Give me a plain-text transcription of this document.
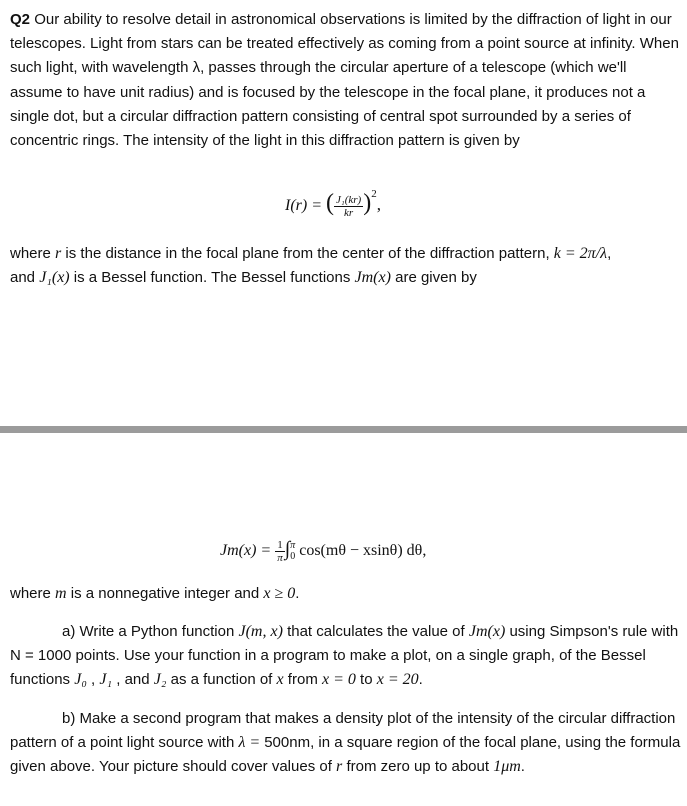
Q2 Our ability to resolve detail in astronomical observations is limited by the diffraction of light in our telescopes. Light from stars can be treated effectively as coming from a point source at infinity. When such light, with wavelength λ, passes through the circular aperture of a telescope (which we'll assume to have unit radius) and is focused by the telescope in the focal plane, it produces not a single dot, but a circular diffraction pattern consisting of central spot surrounded by a series of concentric rings. The intensity of the light in this diffraction pattern is given by

I(r) = ( $\frac{\text{J₁(kr)}}{kr} )^2$,

where r is the distance in the focal plane from the center of the diffraction pattern, k = 2π/λ,
and J₁(x) is a Bessel function. The Bessel functions Jm(x) are given by

$Jm(x) = \frac{1}{\pi}$ ∫ π
0 cos(mθ − xsinθ) dθ,

where m is a nonnegative integer and x ≥ 0.

a) Write a Python function J(m, x) that calculates the value of Jm(x) using Simpson's rule with N = 1000 points. Use your function in a program to make a plot, on a single graph, of the Bessel functions J₀ , J₁ , and J₂ as a function of x from x = 0 to x = 20.

b) Make a second program that makes a density plot of the intensity of the circular diffraction pattern of a point light source with λ = 500nm, in a square region of the focal plane, using the formula given above. Your picture should cover values of r from zero up to about 1μm.
